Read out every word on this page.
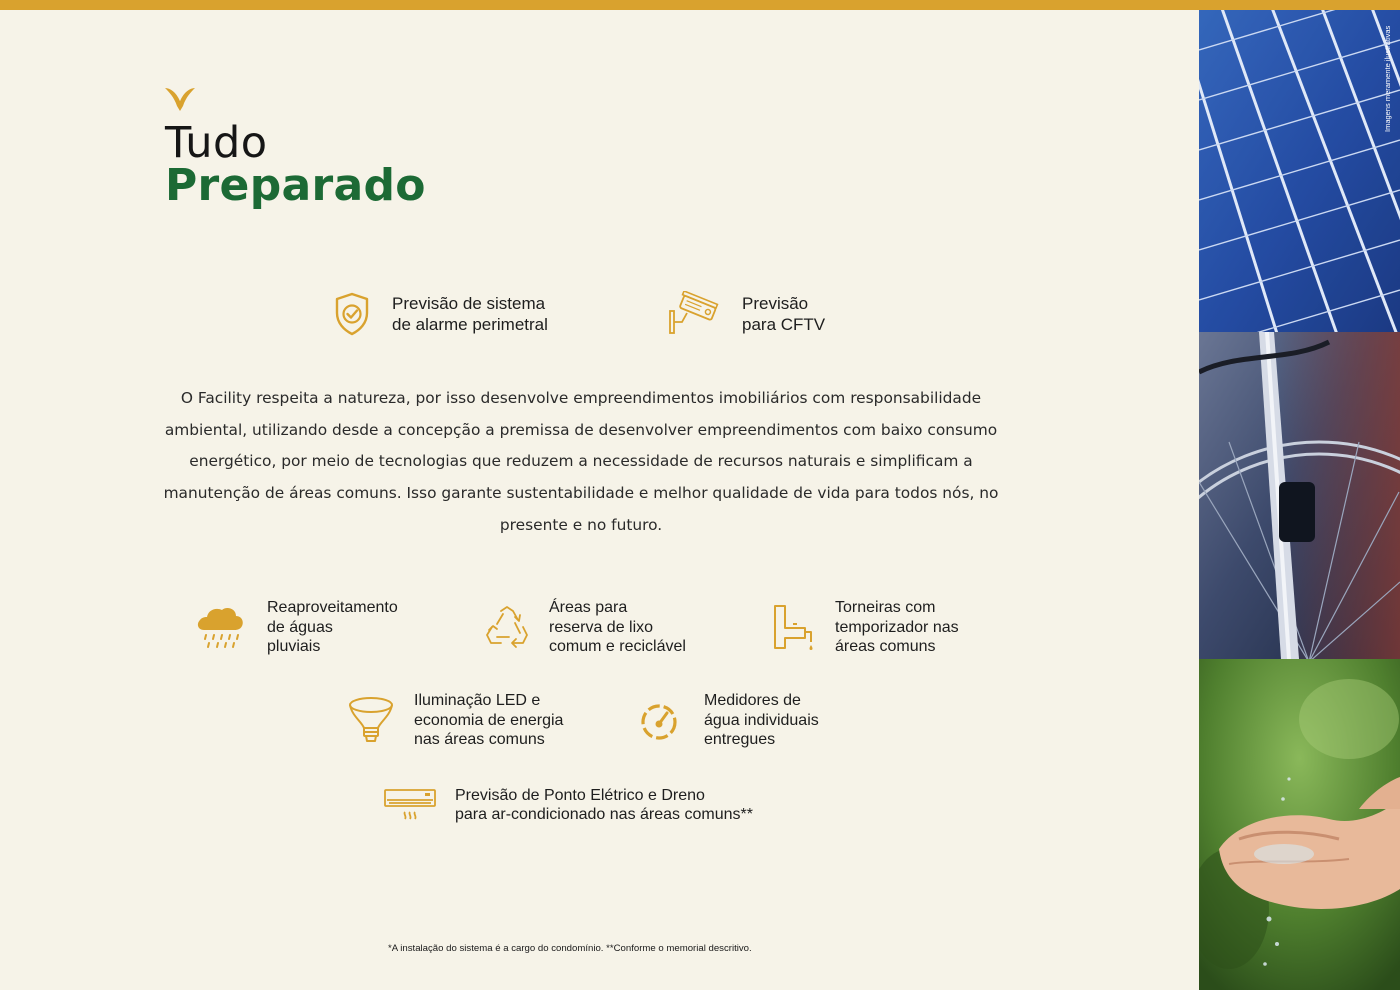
Tudo
Preparado
Previsão de sistema
de alarme perimetral
Previsão
para CFTV

O Facility respeita a natureza, por isso desenvolve empreendimentos imobiliários com responsabilidade ambiental, utilizando desde a concepção a premissa de desenvolver empreendimentos com baixo consumo energético, por meio de tecnologias que reduzem a necessidade de recursos naturais e simplificam a manutenção de áreas comuns. Isso garante sustentabilidade e melhor qualidade de vida para todos nós, no presente e no futuro.

Reaproveitamento
de águas
pluviais
Áreas para
reserva de lixo
comum e reciclável
Torneiras com
temporizador nas
áreas comuns
Iluminação LED e
economia de energia
nas áreas comuns
Medidores de
água individuais
entregues
Previsão de Ponto Elétrico e Dreno
para ar-condicionado nas áreas comuns**
*A instalação do sistema é a cargo do condomínio. **Conforme o memorial descritivo.
Imagens meramente ilustrativas
